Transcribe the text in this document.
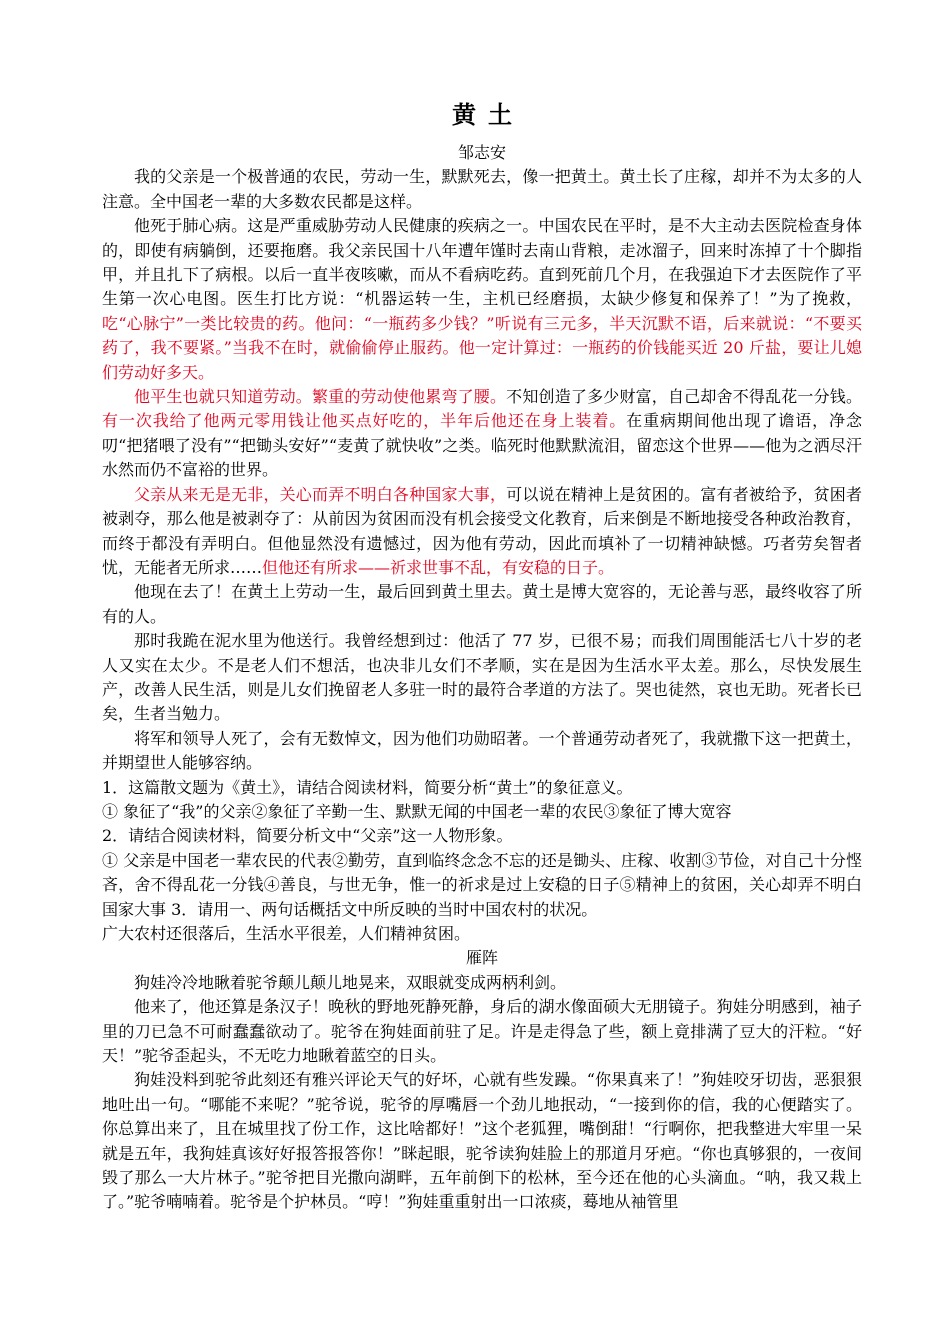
黄土

邹志安

我的父亲是一个极普通的农民，劳动一生，默默死去，像一把黄土。黄土长了庄稼，却并不为太多的人注意。全中国老一辈的大多数农民都是这样。

他死于肺心病。这是严重威胁劳动人民健康的疾病之一。中国农民在平时，是不大主动去医院检查身体的，即使有病躺倒，还要拖磨。我父亲民国十八年遭年馑时去南山背粮，走冰溜子，回来时冻掉了十个脚指甲，并且扎下了病根。以后一直半夜咳嗽，而从不看病吃药。直到死前几个月，在我强迫下才去医院作了平生第一次心电图。医生打比方说：“机器运转一生，主机已经磨损，太缺少修复和保养了！”为了挽救，吃“心脉宁”一类比较贵的药。他问：“一瓶药多少钱？”听说有三元多，半天沉默不语，后来就说：“不要买药了，我不要紧。”当我不在时，就偷偷停止服药。他一定计算过：一瓶药的价钱能买近 20 斤盐，要让儿媳们劳动好多天。

他平生也就只知道劳动。繁重的劳动使他累弯了腰。不知创造了多少财富，自己却舍不得乱花一分钱。有一次我给了他两元零用钱让他买点好吃的，半年后他还在身上装着。在重病期间他出现了谵语，净念叨“把猪喂了没有”“把锄头安好”“麦黄了就快收”之类。临死时他默默流泪，留恋这个世界——他为之洒尽汗水然而仍不富裕的世界。

父亲从来无是无非，关心而弄不明白各种国家大事，可以说在精神上是贫困的。富有者被给予，贫困者被剥夺，那么他是被剥夺了：从前因为贫困而没有机会接受文化教育，后来倒是不断地接受各种政治教育，而终于都没有弄明白。但他显然没有遗憾过，因为他有劳动，因此而填补了一切精神缺憾。巧者劳矣智者忧，无能者无所求……但他还有所求——祈求世事不乱，有安稳的日子。

他现在去了！在黄土上劳动一生，最后回到黄土里去。黄土是博大宽容的，无论善与恶，最终收容了所有的人。

那时我跪在泥水里为他送行。我曾经想到过：他活了 77 岁，已很不易；而我们周围能活七八十岁的老人又实在太少。不是老人们不想活，也决非儿女们不孝顺，实在是因为生活水平太差。那么，尽快发展生产，改善人民生活，则是儿女们挽留老人多驻一时的最符合孝道的方法了。哭也徒然，哀也无助。死者长已矣，生者当勉力。

将军和领导人死了，会有无数悼文，因为他们功勋昭著。一个普通劳动者死了，我就撒下这一把黄土，并期望世人能够容纳。

1．这篇散文题为《黄土》，请结合阅读材料，简要分析“黄土”的象征意义。

① 象征了“我”的父亲②象征了辛勤一生、默默无闻的中国老一辈的农民③象征了博大宽容

2．请结合阅读材料，简要分析文中“父亲”这一人物形象。

① 父亲是中国老一辈农民的代表②勤劳，直到临终念念不忘的还是锄头、庄稼、收割③节俭，对自己十分悭吝，舍不得乱花一分钱④善良，与世无争，惟一的祈求是过上安稳的日子⑤精神上的贫困，关心却弄不明白国家大事 3．请用一、两句话概括文中所反映的当时中国农村的状况。

广大农村还很落后，生活水平很差，人们精神贫困。

雁阵

狗娃冷冷地瞅着驼爷颠儿颠儿地晃来，双眼就变成两柄利剑。

他来了，他还算是条汉子！晚秋的野地死静死静，身后的湖水像面硕大无朋镜子。狗娃分明感到，袖子里的刀已急不可耐蠢蠢欲动了。驼爷在狗娃面前驻了足。许是走得急了些，额上竟排满了豆大的汗粒。“好天！”驼爷歪起头，不无吃力地瞅着蓝空的日头。

狗娃没料到驼爷此刻还有雅兴评论天气的好坏，心就有些发躁。“你果真来了！”狗娃咬牙切齿，恶狠狠地吐出一句。“哪能不来呢？”驼爷说，驼爷的厚嘴唇一个劲儿地抿动，“一接到你的信，我的心便踏实了。你总算出来了，且在城里找了份工作，这比啥都好！”这个老狐狸，嘴倒甜！“行啊你，把我整进大牢里一呆就是五年，我狗娃真该好好报答报答你！”眯起眼，驼爷读狗娃脸上的那道月牙疤。“你也真够狠的，一夜间毁了那么一大片林子。”驼爷把目光撒向湖畔，五年前倒下的松林，至今还在他的心头滴血。“呐，我又栽上了。”驼爷喃喃着。驼爷是个护林员。“哼！”狗娃重重射出一口浓痰，蓦地从袖管里
